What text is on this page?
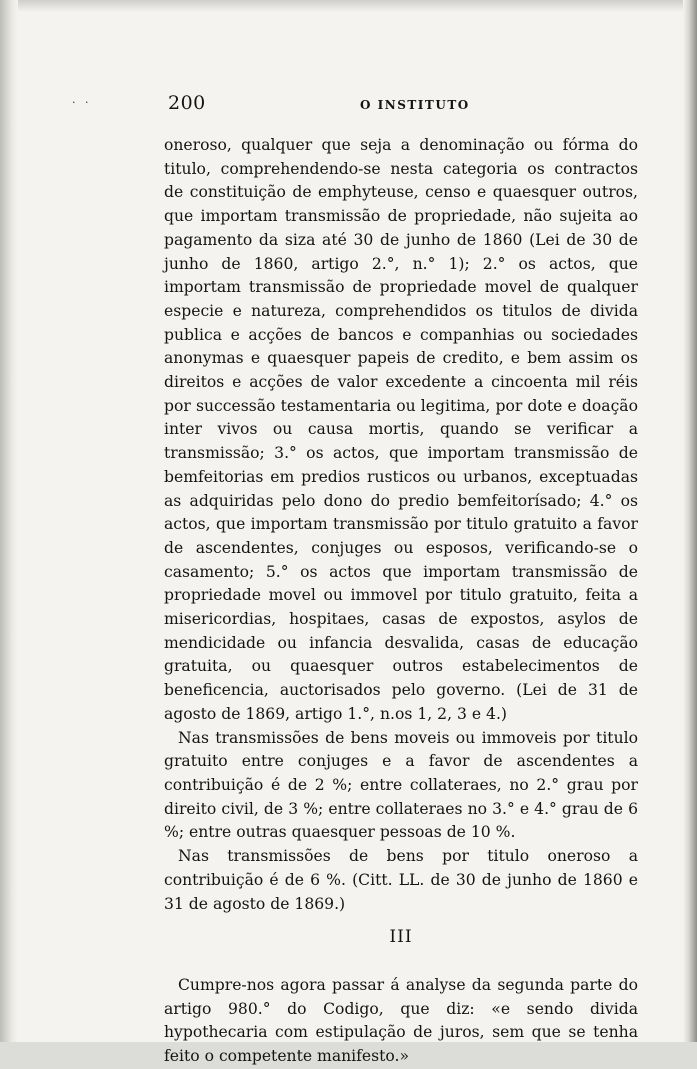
· ·	200	O INSTITUTO

oneroso, qualquer que seja a denominação ou fórma do titulo, comprehendendo-se nesta categoria os contractos de constituição de emphyteuse, censo e quaesquer outros, que importam transmissão de propriedade, não sujeita ao pagamento da siza até 30 de junho de 1860 (Lei de 30 de junho de 1860, artigo 2.°, n.° 1); 2.° os actos, que importam transmissão de propriedade movel de qualquer especie e natureza, comprehendidos os titulos de divida publica e acções de bancos e companhias ou sociedades anonymas e quaesquer papeis de credito, e bem assim os direitos e acções de valor excedente a cincoenta mil réis por successão testamentaria ou legitima, por dote e doação inter vivos ou causa mortis, quando se verificar a transmissão; 3.° os actos, que importam transmissão de bemfeitorias em predios rusticos ou urbanos, exceptuadas as adquiridas pelo dono do predio bemfeitorísado; 4.° os actos, que importam transmissão por titulo gratuito a favor de ascendentes, conjuges ou esposos, verificando-se o casamento; 5.° os actos que importam transmissão de propriedade movel ou immovel por titulo gratuito, feita a misericordias, hospitaes, casas de expostos, asylos de mendicidade ou infancia desvalida, casas de educação gratuita, ou quaesquer outros estabelecimentos de beneficencia, auctorisados pelo governo. (Lei de 31 de agosto de 1869, artigo 1.°, n.os 1, 2, 3 e 4.)

Nas transmissões de bens moveis ou immoveis por titulo gratuito entre conjuges e a favor de ascendentes a contribuição é de 2 %; entre collateraes, no 2.° grau por direito civil, de 3 %; entre collateraes no 3.° e 4.° grau de 6 %; entre outras quaesquer pessoas de 10 %.

Nas transmissões de bens por titulo oneroso a contribuição é de 6 %. (Citt. LL. de 30 de junho de 1860 e 31 de agosto de 1869.)

III

Cumpre-nos agora passar á analyse da segunda parte do artigo 980.° do Codigo, que diz: «e sendo divida hypothecaria com estipulação de juros, sem que se tenha feito o competente manifesto.»
